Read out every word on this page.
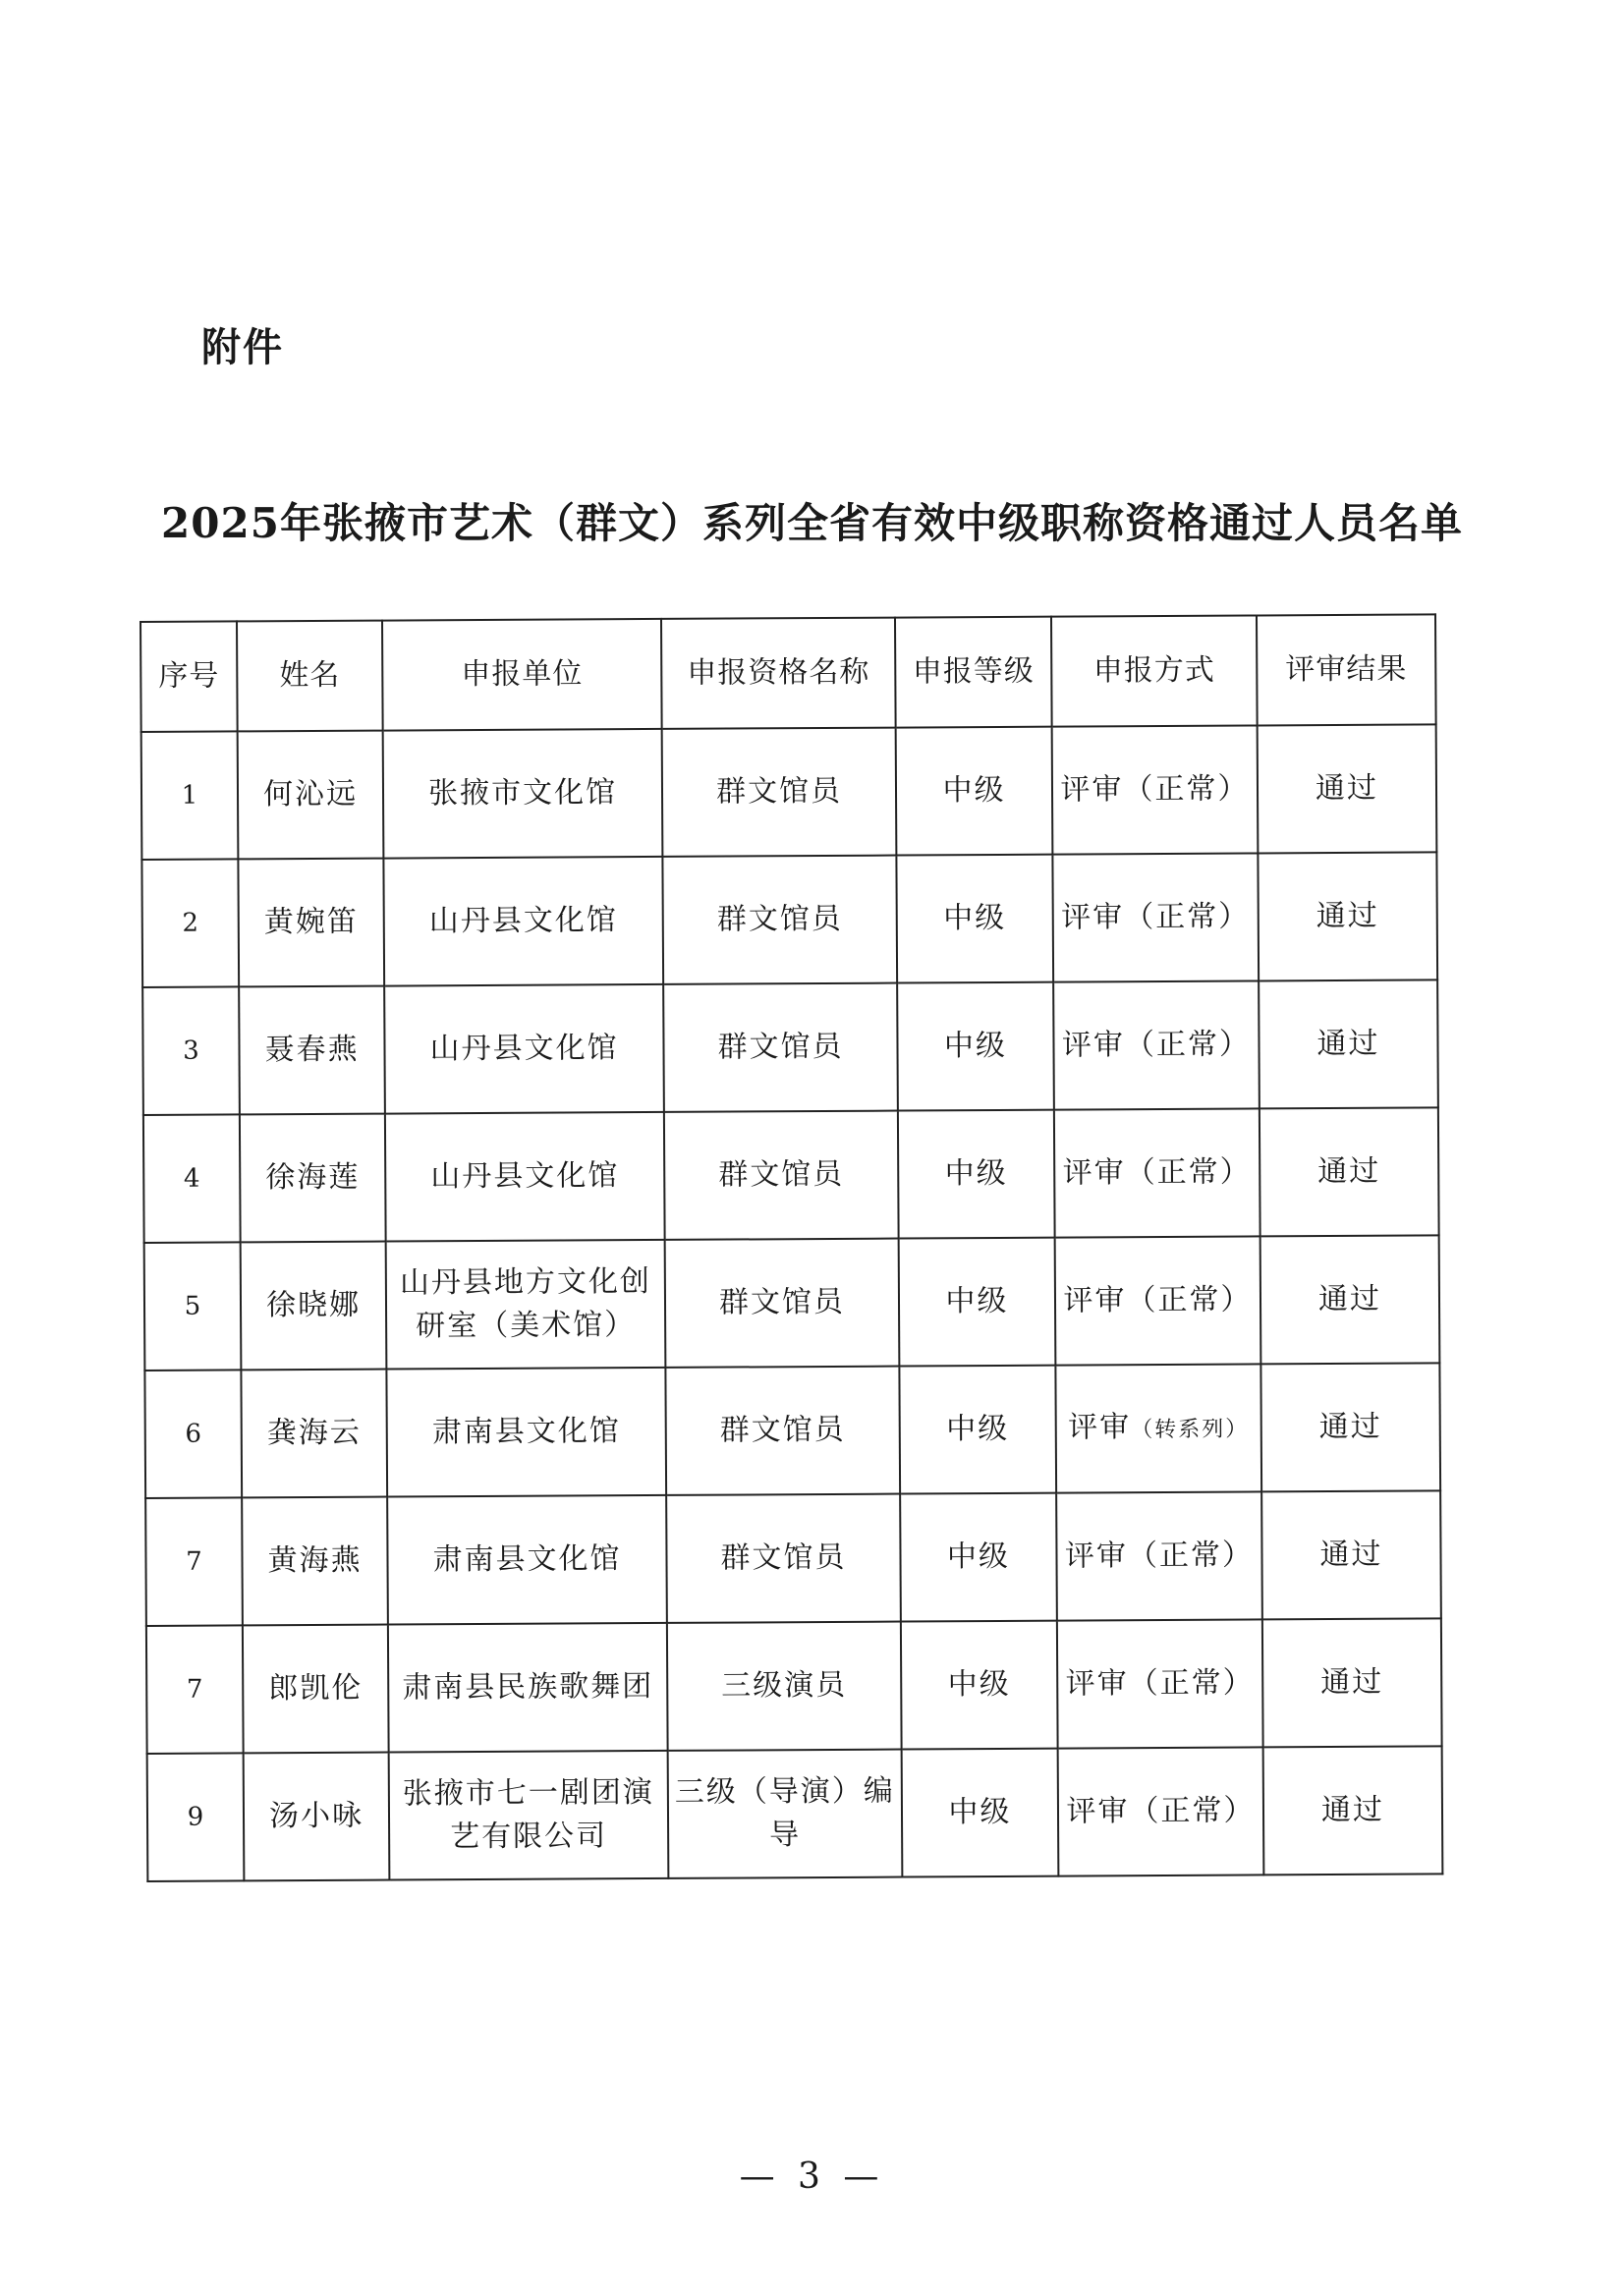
附件
2025年张掖市艺术（群文）系列全省有效中级职称资格通过人员名单
序号	姓名	申报单位	申报资格名称	申报等级	申报方式	评审结果
1	何沁远	张掖市文化馆	群文馆员	中级	评审（正常）	通过
2	黄婉笛	山丹县文化馆	群文馆员	中级	评审（正常）	通过
3	聂春燕	山丹县文化馆	群文馆员	中级	评审（正常）	通过
4	徐海莲	山丹县文化馆	群文馆员	中级	评审（正常）	通过
5	徐晓娜	山丹县地方文化创研室（美术馆）	群文馆员	中级	评审（正常）	通过
6	龚海云	肃南县文化馆	群文馆员	中级	评审（转系列）	通过
7	黄海燕	肃南县文化馆	群文馆员	中级	评审（正常）	通过
7	郎凯伦	肃南县民族歌舞团	三级演员	中级	评审（正常）	通过
9	汤小咏	张掖市七一剧团演艺有限公司	三级（导演）编导	中级	评审（正常）	通过
— 3 —
